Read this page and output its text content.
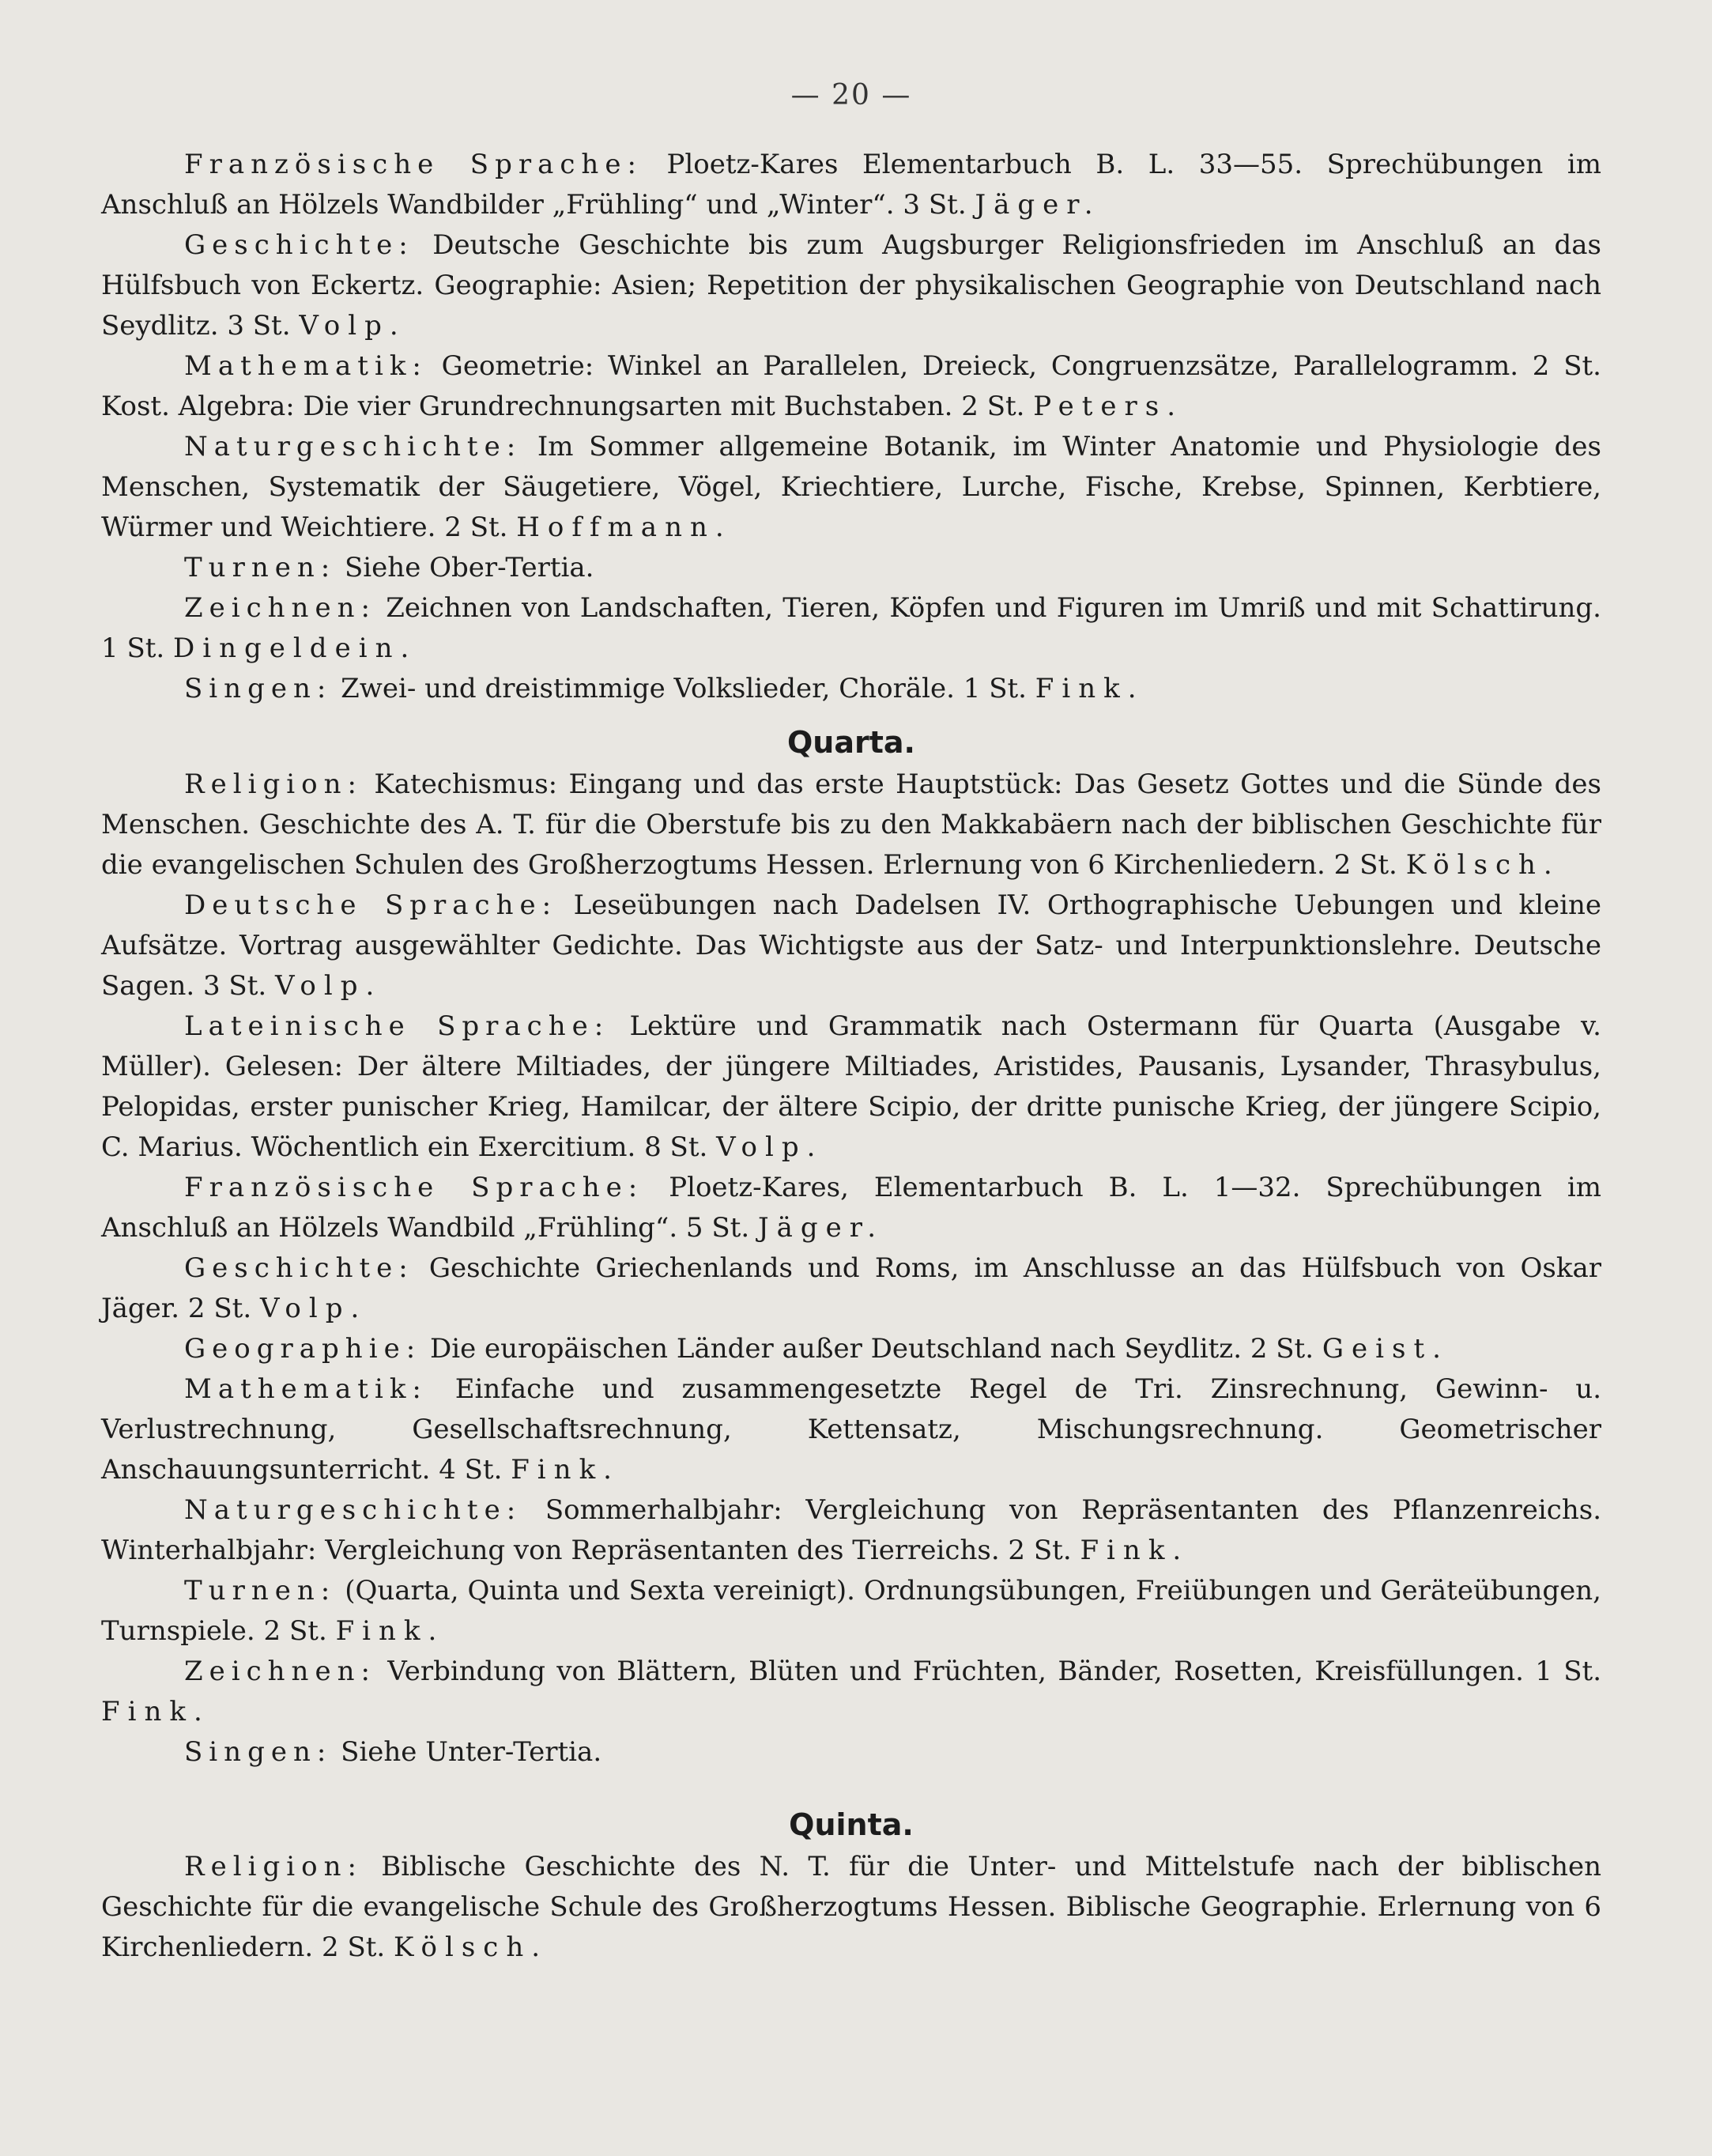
— 20 —

Französische Sprache: Ploetz-Kares Elementarbuch B. L. 33—55. Sprechübungen im Anschluß an Hölzels Wandbilder „Frühling“ und „Winter“. 3 St. Jäger.

Geschichte: Deutsche Geschichte bis zum Augsburger Religionsfrieden im Anschluß an das Hülfsbuch von Eckertz. Geographie: Asien; Repetition der physikalischen Geographie von Deutschland nach Seydlitz. 3 St. Volp.

Mathematik: Geometrie: Winkel an Parallelen, Dreieck, Congruenzsätze, Parallelogramm. 2 St. Kost. Algebra: Die vier Grundrechnungsarten mit Buchstaben. 2 St. Peters.

Naturgeschichte: Im Sommer allgemeine Botanik, im Winter Anatomie und Physiologie des Menschen, Systematik der Säugetiere, Vögel, Kriechtiere, Lurche, Fische, Krebse, Spinnen, Kerbtiere, Würmer und Weichtiere. 2 St. Hoffmann.

Turnen: Siehe Ober-Tertia.

Zeichnen: Zeichnen von Landschaften, Tieren, Köpfen und Figuren im Umriß und mit Schattirung. 1 St. Dingeldein.

Singen: Zwei- und dreistimmige Volkslieder, Choräle. 1 St. Fink.

Quarta.

Religion: Katechismus: Eingang und das erste Hauptstück: Das Gesetz Gottes und die Sünde des Menschen. Geschichte des A. T. für die Oberstufe bis zu den Makkabäern nach der biblischen Geschichte für die evangelischen Schulen des Großherzogtums Hessen. Erlernung von 6 Kirchenliedern. 2 St. Kölsch.

Deutsche Sprache: Leseübungen nach Dadelsen IV. Orthographische Uebungen und kleine Aufsätze. Vortrag ausgewählter Gedichte. Das Wichtigste aus der Satz- und Interpunktionslehre. Deutsche Sagen. 3 St. Volp.

Lateinische Sprache: Lektüre und Grammatik nach Ostermann für Quarta (Ausgabe v. Müller). Gelesen: Der ältere Miltiades, der jüngere Miltiades, Aristides, Pausanis, Lysander, Thrasybulus, Pelopidas, erster punischer Krieg, Hamilcar, der ältere Scipio, der dritte punische Krieg, der jüngere Scipio, C. Marius. Wöchentlich ein Exercitium. 8 St. Volp.

Französische Sprache: Ploetz-Kares, Elementarbuch B. L. 1—32. Sprechübungen im Anschluß an Hölzels Wandbild „Frühling“. 5 St. Jäger.

Geschichte: Geschichte Griechenlands und Roms, im Anschlusse an das Hülfsbuch von Oskar Jäger. 2 St. Volp.

Geographie: Die europäischen Länder außer Deutschland nach Seydlitz. 2 St. Geist.

Mathematik: Einfache und zusammengesetzte Regel de Tri. Zinsrechnung, Gewinn- u. Verlustrechnung, Gesellschaftsrechnung, Kettensatz, Mischungsrechnung. Geometrischer Anschauungsunterricht. 4 St. Fink.

Naturgeschichte: Sommerhalbjahr: Vergleichung von Repräsentanten des Pflanzenreichs. Winterhalbjahr: Vergleichung von Repräsentanten des Tierreichs. 2 St. Fink.

Turnen: (Quarta, Quinta und Sexta vereinigt). Ordnungsübungen, Freiübungen und Geräteübungen, Turnspiele. 2 St. Fink.

Zeichnen: Verbindung von Blättern, Blüten und Früchten, Bänder, Rosetten, Kreisfüllungen. 1 St. Fink.

Singen: Siehe Unter-Tertia.

Quinta.

Religion: Biblische Geschichte des N. T. für die Unter- und Mittelstufe nach der biblischen Geschichte für die evangelische Schule des Großherzogtums Hessen. Biblische Geographie. Erlernung von 6 Kirchenliedern. 2 St. Kölsch.
